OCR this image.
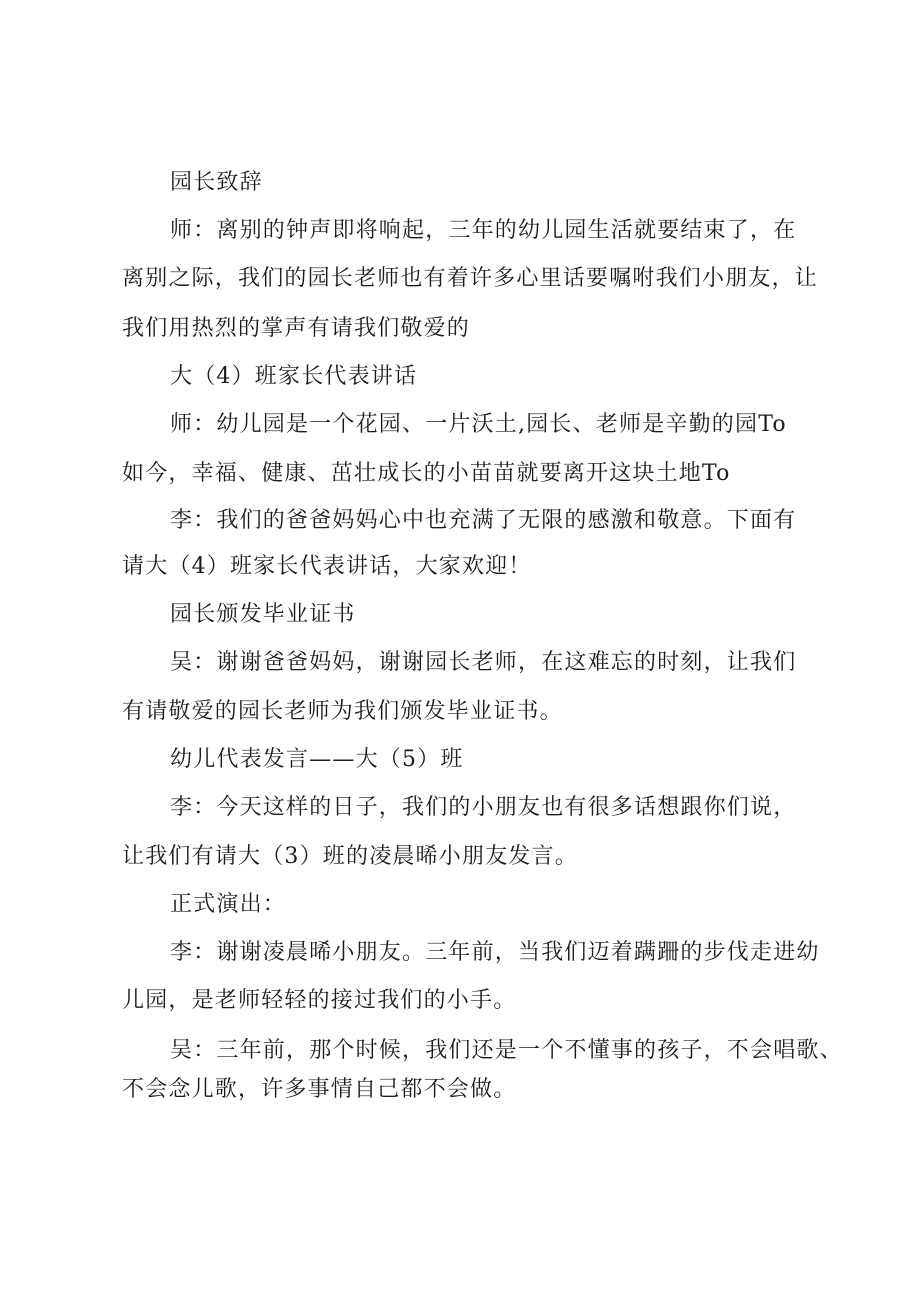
园长致辞
师：离别的钟声即将响起，三年的幼儿园生活就要结束了，在
离别之际，我们的园长老师也有着许多心里话要嘱咐我们小朋友，让
我们用热烈的掌声有请我们敬爱的
大（4）班家长代表讲话
师：幼儿园是一个花园、一片沃土,园长、老师是辛勤的园To
如今，幸福、健康、茁壮成长的小苗苗就要离开这块土地To
李：我们的爸爸妈妈心中也充满了无限的感激和敬意。下面有
请大（4）班家长代表讲话，大家欢迎！
园长颁发毕业证书
吴：谢谢爸爸妈妈，谢谢园长老师，在这难忘的时刻，让我们
有请敬爱的园长老师为我们颁发毕业证书。
幼儿代表发言——大（5）班
李：今天这样的日子，我们的小朋友也有很多话想跟你们说，
让我们有请大（3）班的凌晨晞小朋友发言。
正式演出：
李：谢谢凌晨晞小朋友。三年前，当我们迈着蹒跚的步伐走进幼
儿园，是老师轻轻的接过我们的小手。
吴：三年前，那个时候，我们还是一个不懂事的孩子，不会唱歌、
不会念儿歌，许多事情自己都不会做。
